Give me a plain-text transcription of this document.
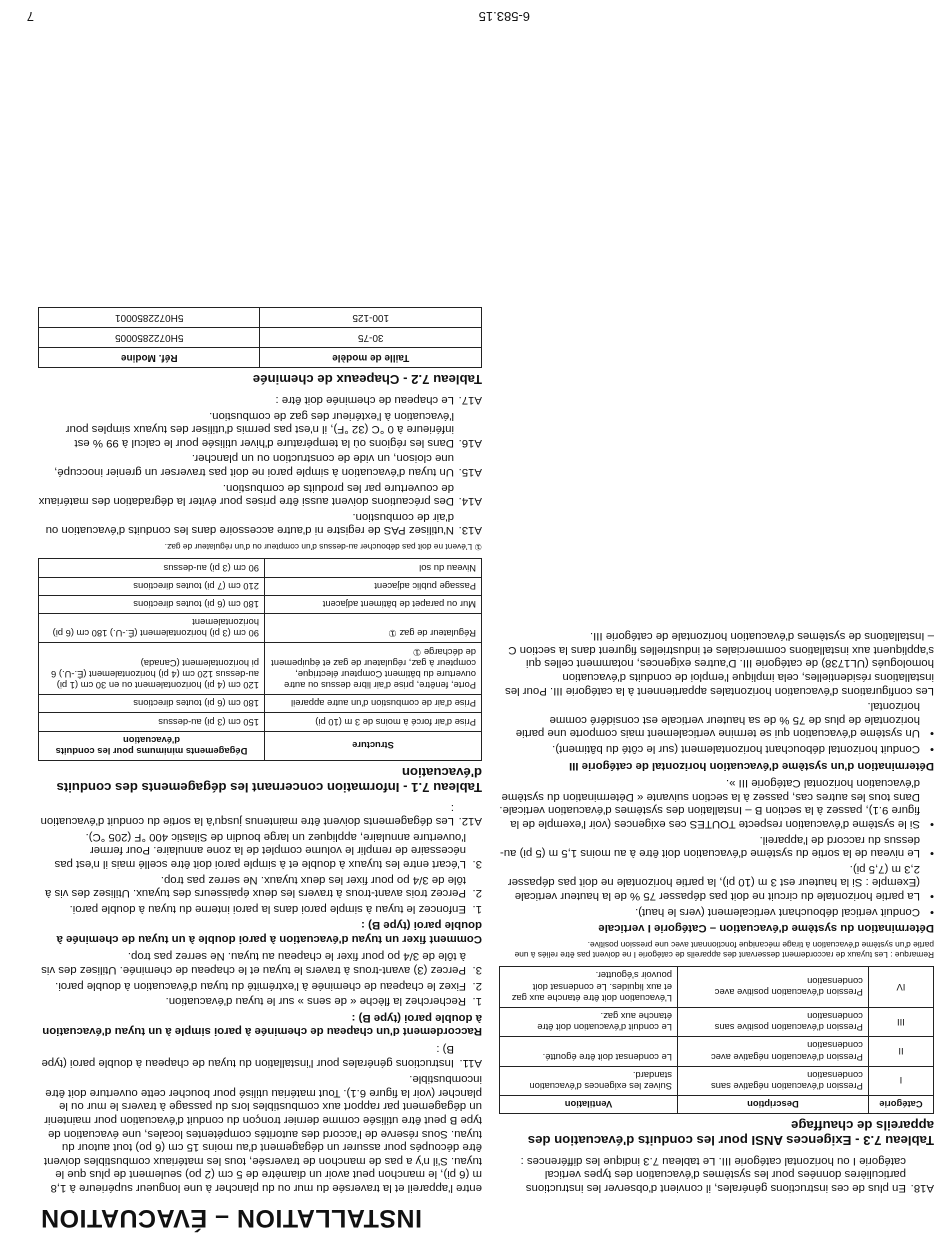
INSTALLATION – ÉVACUATION

entre l'appareil et la traversée du mur ou du plancher à une longueur supérieure à 1,8 m (6 pi), le manchon peut avoir un diamètre de 5 cm (2 po) seulement de plus que le tuyau. S'il n'y a pas de manchon de traversée, tous les matériaux combustibles doivent être découpés pour assurer un dégagement d'au moins 15 cm (6 po) tout autour du tuyau. Sous réserve de l'accord des autorités compétentes locales, une évacuation de type B peut être utilisée comme dernier tronçon du conduit d'évacuation pour maintenir un dégagement par rapport aux combustibles lors du passage à travers le mur ou le plancher (voir la figure 6.1). Tout matériau utilisé pour boucher cette ouverture doit être incombustible.

A11.
Instructions générales pour l'installation du tuyau de chapeau à double paroi (type B) :
Raccordement d'un chapeau de cheminée à paroi simple à un tuyau d'évacuation à double paroi (type B) :
1.
Recherchez la flèche « de sens » sur le tuyau d'évacuation.
2.
Fixez le chapeau de cheminée à l'extrémité du tuyau d'évacuation à double paroi.
3.
Percez (3) avant-trous à travers le tuyau et le chapeau de cheminée. Utilisez des vis à tôle de 3/4 po pour fixer le chapeau au tuyau. Ne serrez pas trop.
Comment fixer un tuyau d'évacuation à paroi double à un tuyau de cheminée à double paroi (type B) :
1.
Enfoncez le tuyau à simple paroi dans la paroi interne du tuyau à double paroi.
2.
Percez trois avant-trous à travers les deux épaisseurs des tuyaux. Utilisez des vis à tôle de 3/4 po pour fixer les deux tuyaux. Ne serrez pas trop.
3.
L'écart entre les tuyaux à double et à simple paroi doit être scellé mais il n'est pas nécessaire de remplir le volume complet de la zone annulaire. Pour fermer l'ouverture annulaire, appliquez un large boudin de Silastic 400 °F (205 °C).
A12.
Les dégagements doivent être maintenus jusqu'à la sortie du conduit d'évacuation :
Tableau 7.1 - Information concernant les dégagements des conduits d'évacuation
Structure	Dégagements minimums pour les conduits d'évacuation
Prise d'air forcé à moins de 3 m (10 pi)	150 cm (3 pi) au-dessus
Prise d'air de combustion d'un autre appareil	180 cm (6 pi) toutes directions
Porte, fenêtre, prise d'air libre dessus ou autre ouverture du bâtiment Compteur électrique, compteur à gaz, régulateur de gaz et équipement de décharge ①	120 cm (4 pi) horizontalement ou en 30 cm (1 pi) au-dessus 120 cm (4 pi) horizontalement (É.-U.) 6 pi horizontalement (Canada)
Régulateur de gaz ①	90 cm (3 pi) horizontalement (É.-U.) 180 cm (6 pi) horizontalement
Mur ou parapet de bâtiment adjacent	180 cm (6 pi) toutes directions
Passage public adjacent	210 cm (7 pi) toutes directions
Niveau du sol	90 cm (3 pi) au-dessus
① L'évent ne doit pas déboucher au-dessus d'un compteur ou d'un régulateur de gaz.
A13.
N'utilisez PAS de registre ni d'autre accessoire dans les conduits d'évacuation ou d'air de combustion.
A14.
Des précautions doivent aussi être prises pour éviter la dégradation des matériaux de couverture par les produits de combustion.
A15.
Un tuyau d'évacuation à simple paroi ne doit pas traverser un grenier inoccupé, une cloison, un vide de construction ou un plancher.
A16.
Dans les régions où la température d'hiver utilisée pour le calcul à 99 % est inférieure à 0 °C (32 °F), il n'est pas permis d'utiliser des tuyaux simples pour l'évacuation à l'extérieur des gaz de combustion.
A17.
Le chapeau de cheminée doit être :
Tableau 7.2 - Chapeaux de cheminée
Taille de modèle	Réf. Modine
30-75	5H0722850005
100-125	5H0722850001
A18.
En plus de ces instructions générales, il convient d'observer les instructions particulières données pour les systèmes d'évacuation des types vertical catégorie I ou horizontal catégorie III. Le tableau 7.3 indique les différences :
Tableau 7.3 - Exigences ANSI pour les conduits d'évacuation des appareils de chauffage
Catégorie	Description	Ventilation
I	Pression d'évacuation négative sans condensation	Suivez les exigences d'évacuation standard.
II	Pression d'évacuation négative avec condensation	Le condensat doit être égoutté.
III	Pression d'évacuation positive sans condensation	Le conduit d'évacuation doit être étanche aux gaz.
IV	Pression d'évacuation positive avec condensation	L'évacuation doit être étanche aux gaz et aux liquides. Le condensat doit pouvoir s'égoutter.
Remarque : Les tuyaux de raccordement desservant des appareils de catégorie I ne doivent pas être reliés à une partie d'un système d'évacuation à tirage mécanique fonctionnant avec une pression positive.
Détermination du système d'évacuation – Catégorie I verticale
•
Conduit vertical débouchant verticalement (vers le haut).
•
La partie horizontale du circuit ne doit pas dépasser 75 % de la hauteur verticale (Exemple : Si la hauteur est 3 m (10 pi), la partie horizontale ne doit pas dépasser 2,3 m (7,5 pi).
•
Le niveau de la sortie du système d'évacuation doit être à au moins 1,5 m (5 pi) au-dessus du raccord de l'appareil.
•
Si le système d'évacuation respecte TOUTES ces exigences (voir l'exemple de la figure 9.1), passez à la section B – Installation des systèmes d'évacuation verticale. Dans tous les autres cas, passez à la section suivante « Détermination du système d'évacuation horizontal Catégorie III ».
Détermination d'un système d'évacuation horizontal de catégorie III
•
Conduit horizontal débouchant horizontalement (sur le côté du bâtiment).
•
Un système d'évacuation qui se termine verticalement mais comporte une partie horizontale de plus de 75 % de sa hauteur verticale est considéré comme horizontal.

Les configurations d'évacuation horizontales appartiennent à la catégorie III. Pour les installations résidentielles, cela implique l'emploi de conduits d'évacuation homologués (UL1738) de catégorie III. D'autres exigences, notamment celles qui s'appliquent aux installations commerciales et industrielles figurent dans la section C – Installations de systèmes d'évacuation horizontale de catégorie III.

7	6-583.15
